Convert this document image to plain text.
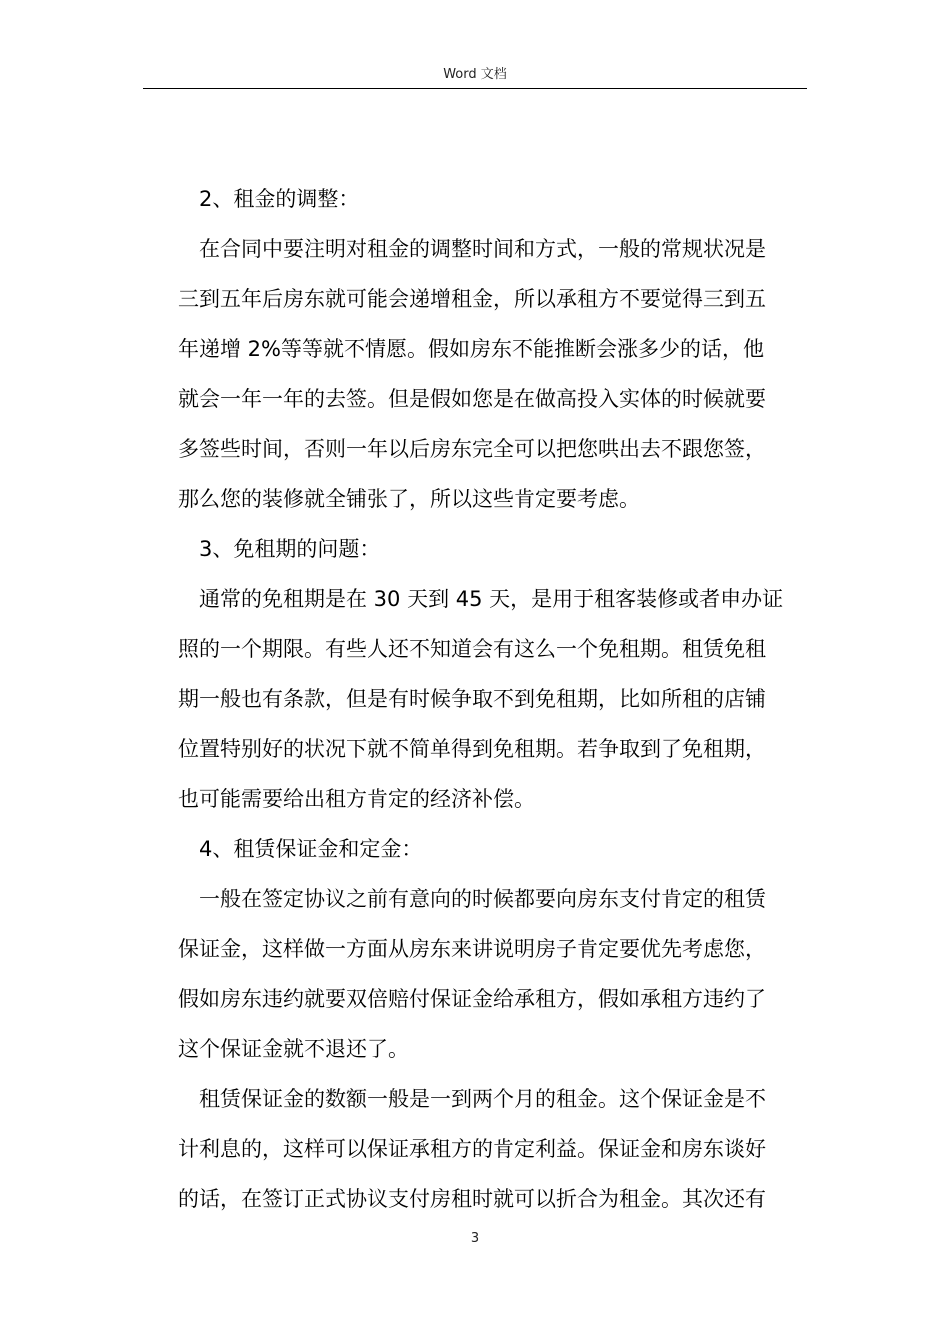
Word 文档
2、租金的调整：
在合同中要注明对租金的调整时间和方式，一般的常规状况是
三到五年后房东就可能会递增租金，所以承租方不要觉得三到五
年递增 2%等等就不情愿。假如房东不能推断会涨多少的话，他
就会一年一年的去签。但是假如您是在做高投入实体的时候就要
多签些时间，否则一年以后房东完全可以把您哄出去不跟您签，
那么您的装修就全铺张了，所以这些肯定要考虑。
3、免租期的问题：
通常的免租期是在 30 天到 45 天，是用于租客装修或者申办证
照的一个期限。有些人还不知道会有这么一个免租期。租赁免租
期一般也有条款，但是有时候争取不到免租期，比如所租的店铺
位置特别好的状况下就不简单得到免租期。若争取到了免租期，
也可能需要给出租方肯定的经济补偿。
4、租赁保证金和定金：
一般在签定协议之前有意向的时候都要向房东支付肯定的租赁
保证金，这样做一方面从房东来讲说明房子肯定要优先考虑您，
假如房东违约就要双倍赔付保证金给承租方，假如承租方违约了
这个保证金就不退还了。
租赁保证金的数额一般是一到两个月的租金。这个保证金是不
计利息的，这样可以保证承租方的肯定利益。保证金和房东谈好
的话，在签订正式协议支付房租时就可以折合为租金。其次还有
3
